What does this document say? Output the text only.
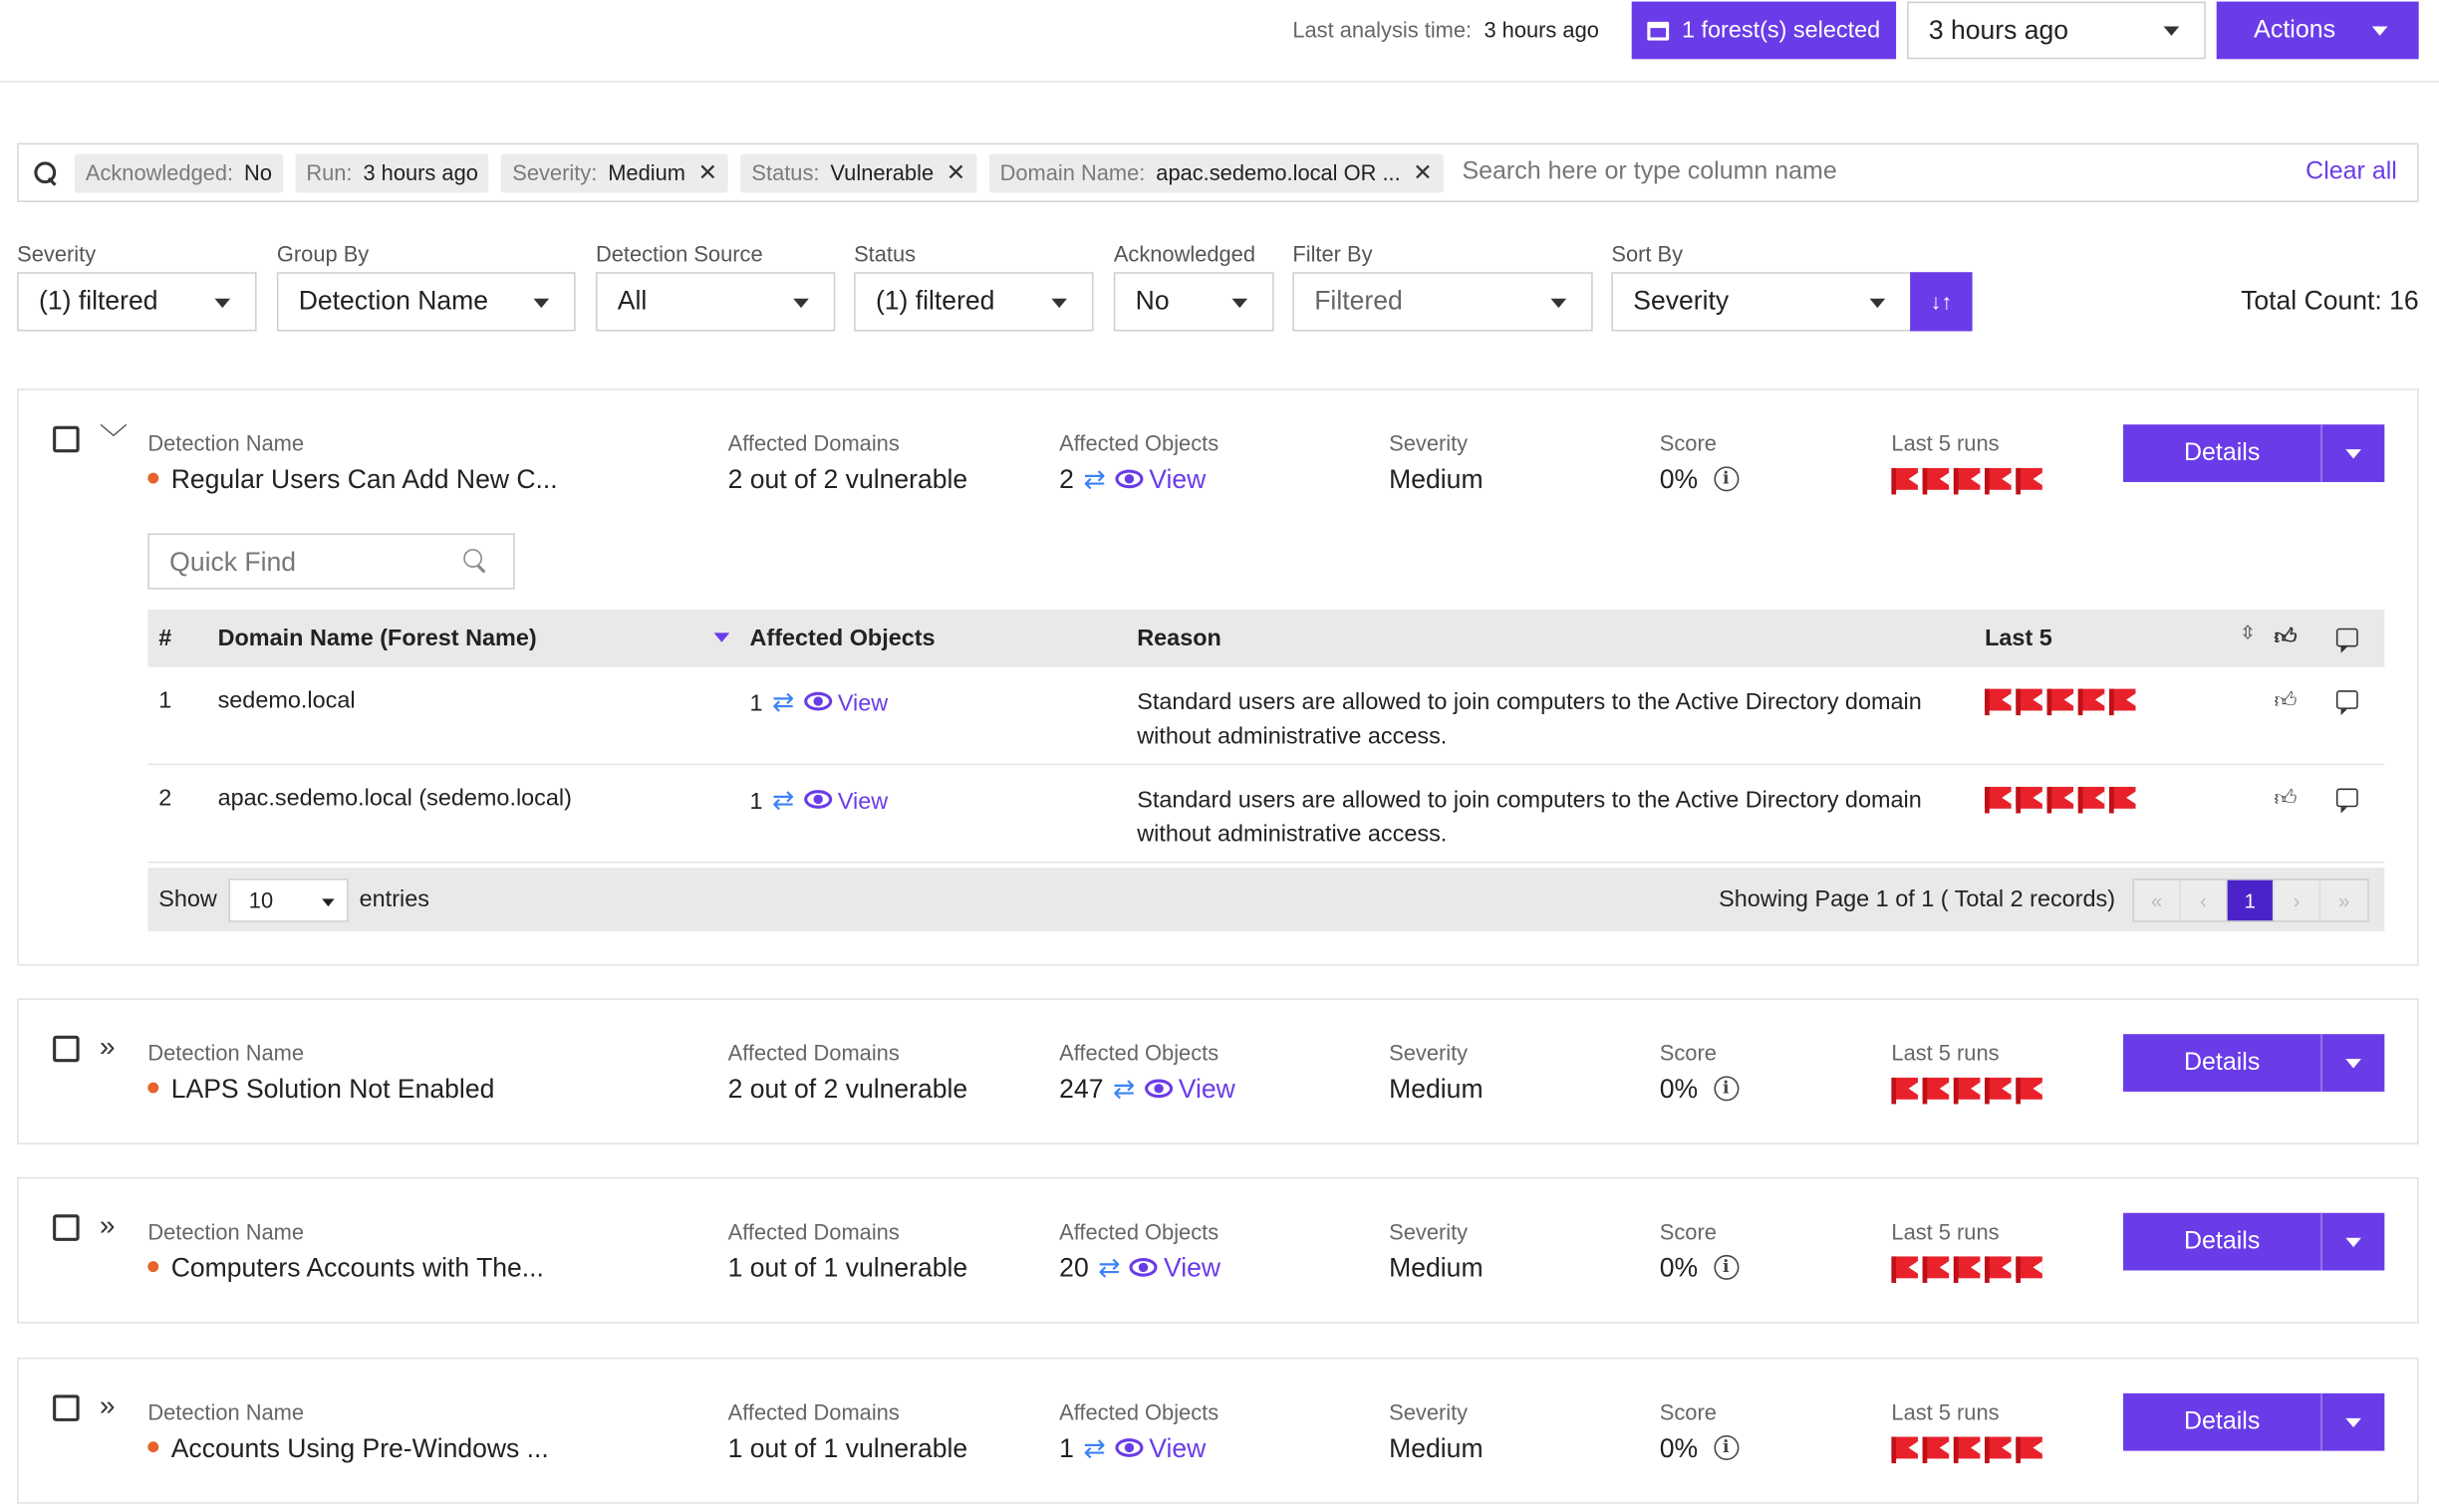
Last analysis time: 3 hours ago	1 forest(s) selected	3 hours ago	Actions
Acknowledged: No Run: 3 hours ago Severity: Medium ✕ Status: Vulnerable ✕ Domain Name: apac.sedemo.local OR ... ✕ Search here or type column name	Clear all
Severity
(1) filtered
Group By
Detection Name
Detection Source
All
Status
(1) filtered
Acknowledged
No
Filter By
Filtered
Sort By
Severity	↓↑	Total Count: 16
﹀ Detection Name
Regular Users Can Add New C...
Affected Domains
2 out of 2 vulnerable
Affected Objects
2 ⇄	View
Severity
Medium
Score
0% i
Last 5 runs	Details
Quick Find
#	Domain Name (Forest Name)	Affected Objects	Reason	Last 5	⇳ 👍︎
1	sedemo.local	1 ⇄	View	Standard users are allowed to join computers to the Active Directory domain
without administrative access.
👍︎
2	apac.sedemo.local (sedemo.local)	1 ⇄	View	Standard users are allowed to join computers to the Active Directory domain
without administrative access.
👍︎
Show	10	entries	Showing Page 1 of 1 ( Total 2 records)	«	‹	1	›	»
» Detection Name
LAPS Solution Not Enabled
Affected Domains
2 out of 2 vulnerable
Affected Objects
247 ⇄	View
Severity
Medium
Score
0% i
Last 5 runs	Details
» Detection Name
Computers Accounts with The...
Affected Domains
1 out of 1 vulnerable
Affected Objects
20 ⇄	View
Severity
Medium
Score
0% i
Last 5 runs	Details
» Detection Name
Accounts Using Pre-Windows ...
Affected Domains
1 out of 1 vulnerable
Affected Objects
1 ⇄	View
Severity
Medium
Score
0% i
Last 5 runs	Details
